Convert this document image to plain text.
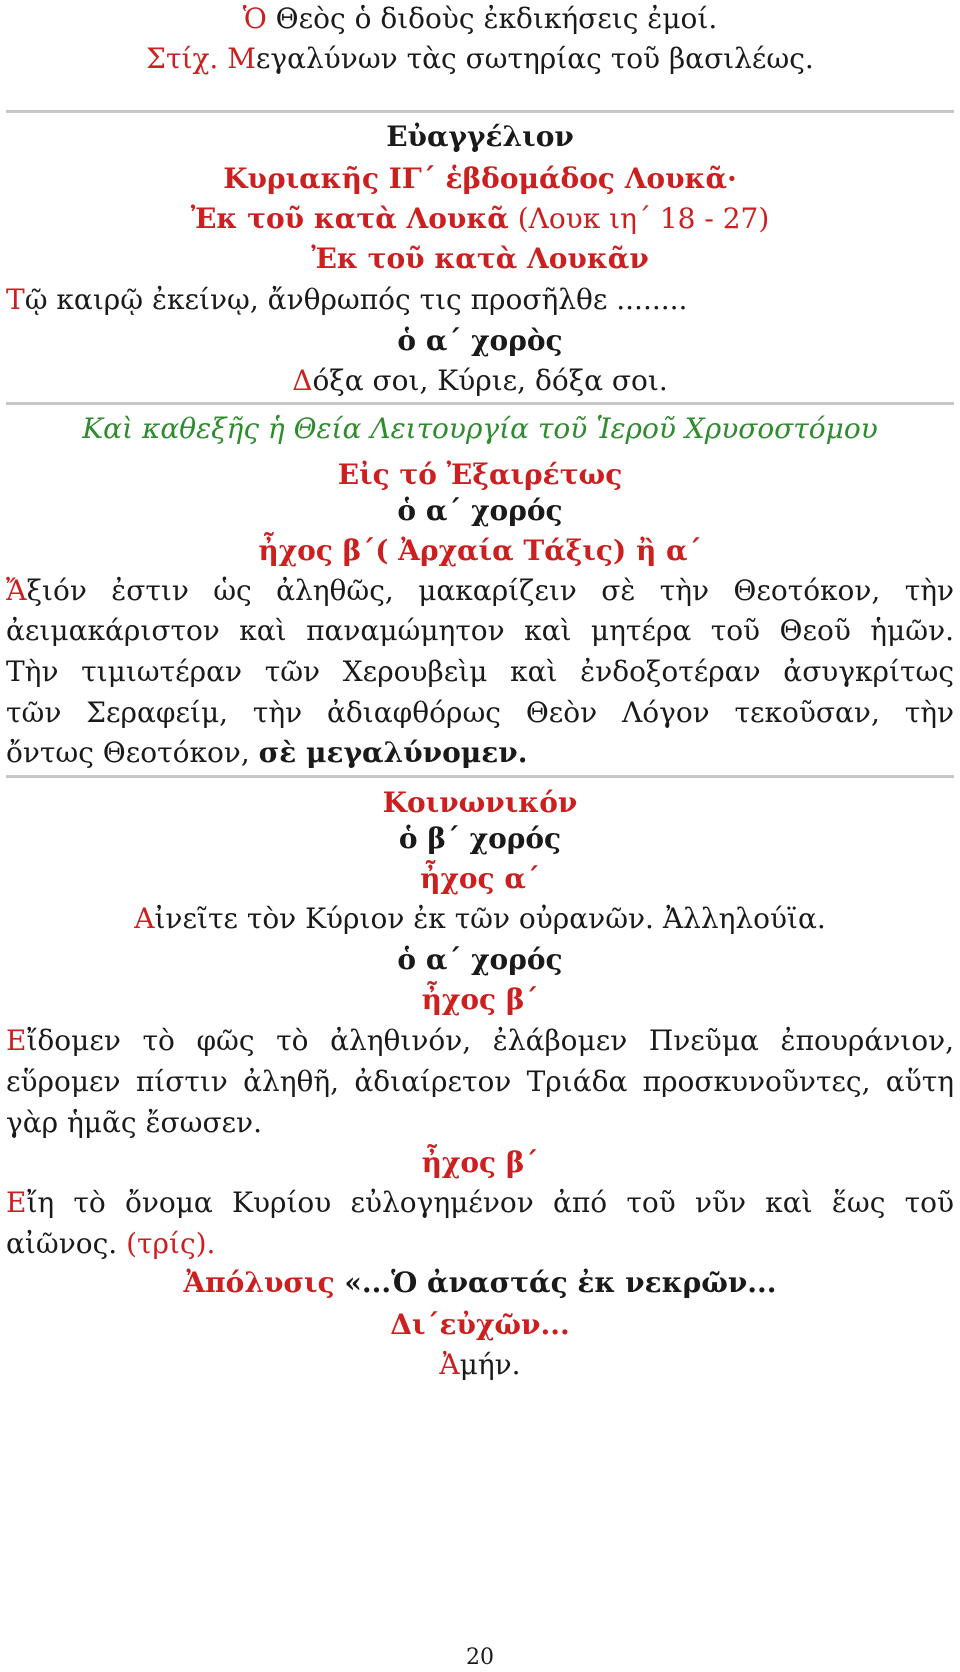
Ὁ Θεὸς ὁ διδοὺς ἐκδικήσεις ἐμοί.
Στίχ. Μεγαλύνων τὰς σωτηρίας τοῦ βασιλέως.
Εὐαγγέλιον
Κυριακῆς ΙΓ΄ ἑβδομάδος Λουκᾶ·
Ἐκ τοῦ κατὰ Λουκᾶ (Λουκ ιη΄ 18 - 27)
Ἐκ τοῦ κατὰ Λουκᾶν
Τῷ καιρῷ ἐκείνῳ, ἄνθρωπός τις προσῆλθε ........
ὁ α΄ χορὸς
Δόξα σοι, Κύριε, δόξα σοι.
Καὶ καθεξῆς ἡ Θεία Λειτουργία τοῦ Ἱεροῦ Χρυσοστόμου
Εἰς τό Ἐξαιρέτως
ὁ α΄ χορός
ἦχος β΄( Ἀρχαία Τάξις) ἢ α΄
Ἄξιόν ἐστιν ὡς ἀληθῶς, μακαρίζειν σὲ τὴν Θεοτόκον, τὴν
ἀειμακάριστον καὶ παναμώμητον καὶ μητέρα τοῦ Θεοῦ ἡμῶν.
Τὴν τιμιωτέραν τῶν Χερουβεὶμ καὶ ἐνδοξοτέραν ἀσυγκρίτως
τῶν Σεραφείμ, τὴν ἀδιαφθόρως Θεὸν Λόγον τεκοῦσαν, τὴν
ὄντως Θεοτόκον, σὲ μεγαλύνομεν.
Κοινωνικόν
ὁ β΄ χορός
ἦχος α΄
Αἰνεῖτε τὸν Κύριον ἐκ τῶν οὐρανῶν. Ἀλληλούϊα.
ὁ α΄ χορός
ἦχος β΄
Εἴδομεν τὸ φῶς τὸ ἀληθινόν, ἐλάβομεν Πνεῦμα ἐπουράνιον,
εὕρομεν πίστιν ἀληθῆ, ἀδιαίρετον Τριάδα προσκυνοῦντες, αὕτη
γὰρ ἡμᾶς ἔσωσεν.
ἦχος β΄
Εἴη τὸ ὄνομα Κυρίου εὐλογημένον ἀπό τοῦ νῦν καὶ ἕως τοῦ
αἰῶνος. (τρίς).
Ἀπόλυσις «...Ὁ ἀναστάς ἐκ νεκρῶν...
Δι΄εὐχῶν...
Ἀμήν.
20
